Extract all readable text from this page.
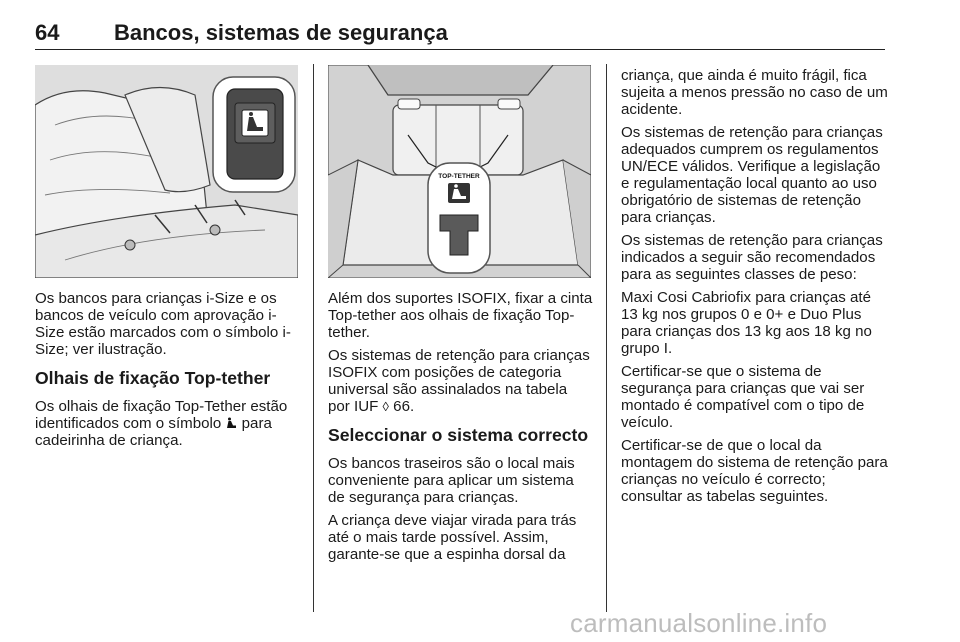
64 Bancos, sistemas de segurança
TOP-TETHER

Os bancos para crianças i-Size e os bancos de veículo com aprovação i-Size estão marcados com o símbolo i-Size; ver ilustração.

Olhais de fixação Top-tether

Os olhais de fixação Top-Tether estão identificados com o símbolo para cadeirinha de criança.

Além dos suportes ISOFIX, fixar a cinta Top-tether aos olhais de fixação Top-tether.

Os sistemas de retenção para crianças ISOFIX com posições de categoria universal são assinalados na tabela por IUF ◊ 66.

Seleccionar o sistema correcto

Os bancos traseiros são o local mais conveniente para aplicar um sistema de segurança para crianças.

A criança deve viajar virada para trás até o mais tarde possível. Assim, garante-se que a espinha dorsal da

criança, que ainda é muito frágil, fica sujeita a menos pressão no caso de um acidente.

Os sistemas de retenção para crianças adequados cumprem os regulamentos UN/ECE válidos. Verifique a legislação e regulamentação local quanto ao uso obrigatório de sistemas de retenção para crianças.

Os sistemas de retenção para crianças indicados a seguir são recomendados para as seguintes classes de peso:

Maxi Cosi Cabriofix para crianças até 13 kg nos grupos 0 e 0+ e Duo Plus para crianças dos 13 kg aos 18 kg no grupo I.

Certificar-se que o sistema de segurança para crianças que vai ser montado é compatível com o tipo de veículo.

Certificar-se de que o local da montagem do sistema de retenção para crianças no veículo é correcto; consultar as tabelas seguintes.

carmanualsonline.info
